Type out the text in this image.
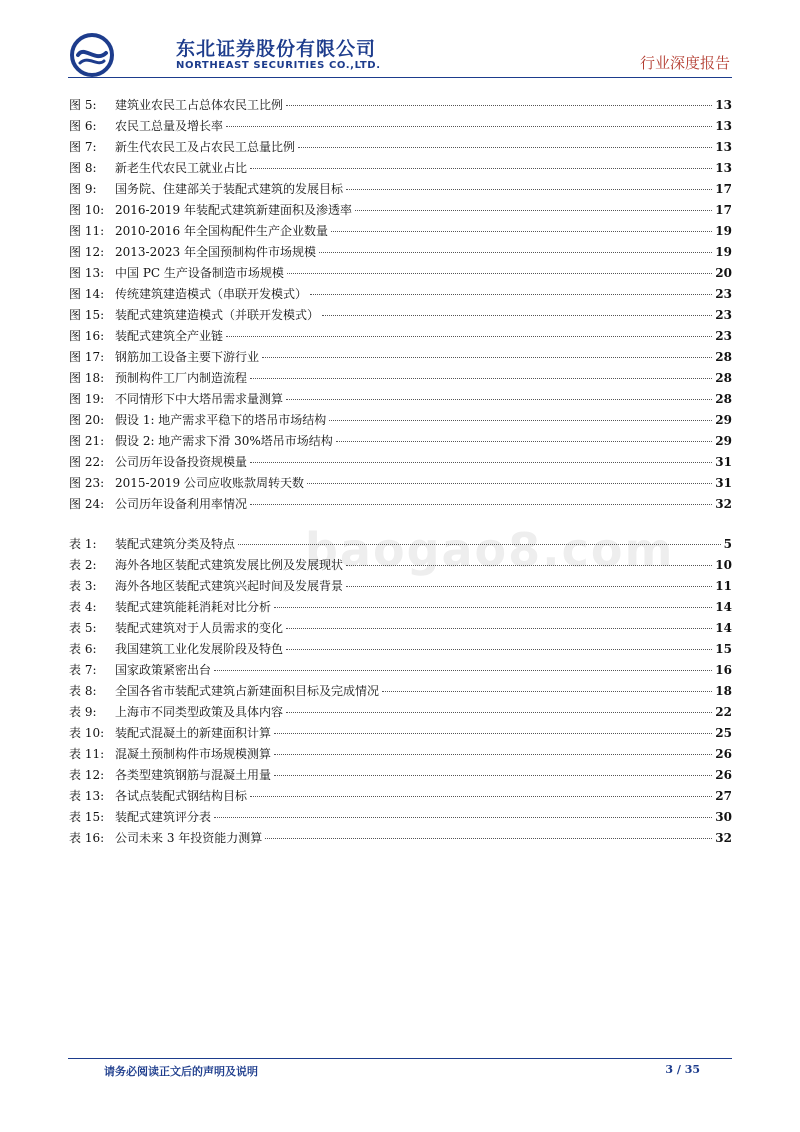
东北证券股份有限公司
NORTHEAST SECURITIES CO.,LTD.	行业深度报告
baogao8.com
图 5:	建筑业农民工占总体农民工比例	13
图 6:	农民工总量及增长率	13
图 7:	新生代农民工及占农民工总量比例	13
图 8:	新老生代农民工就业占比	13
图 9:	国务院、住建部关于装配式建筑的发展目标	17
图 10: 2016-2019 年装配式建筑新建面积及渗透率	17
图 11: 2010-2016 年全国构配件生产企业数量	19
图 12: 2013-2023 年全国预制构件市场规模	19
图 13: 中国 PC 生产设备制造市场规模	20
图 14: 传统建筑建造模式（串联开发模式）	23
图 15: 装配式建筑建造模式（并联开发模式）	23
图 16: 装配式建筑全产业链	23
图 17: 钢筋加工设备主要下游行业	28
图 18: 预制构件工厂内制造流程	28
图 19: 不同情形下中大塔吊需求量测算	28
图 20: 假设 1: 地产需求平稳下的塔吊市场结构	29
图 21: 假设 2: 地产需求下滑 30%塔吊市场结构	29
图 22: 公司历年设备投资规模量	31
图 23: 2015-2019 公司应收账款周转天数	31
图 24: 公司历年设备利用率情况	32
表 1:	装配式建筑分类及特点	5
表 2:	海外各地区装配式建筑发展比例及发展现状	10
表 3:	海外各地区装配式建筑兴起时间及发展背景	11
表 4:	装配式建筑能耗消耗对比分析	14
表 5:	装配式建筑对于人员需求的变化	14
表 6:	我国建筑工业化发展阶段及特色	15
表 7:	国家政策紧密出台	16
表 8:	全国各省市装配式建筑占新建面积目标及完成情况	18
表 9:	上海市不同类型政策及具体内容	22
表 10: 装配式混凝土的新建面积计算	25
表 11: 混凝土预制构件市场规模测算	26
表 12: 各类型建筑钢筋与混凝土用量	26
表 13: 各试点装配式钢结构目标	27
表 15: 装配式建筑评分表	30
表 16: 公司未来 3 年投资能力测算	32
请务必阅读正文后的声明及说明	3 / 35
